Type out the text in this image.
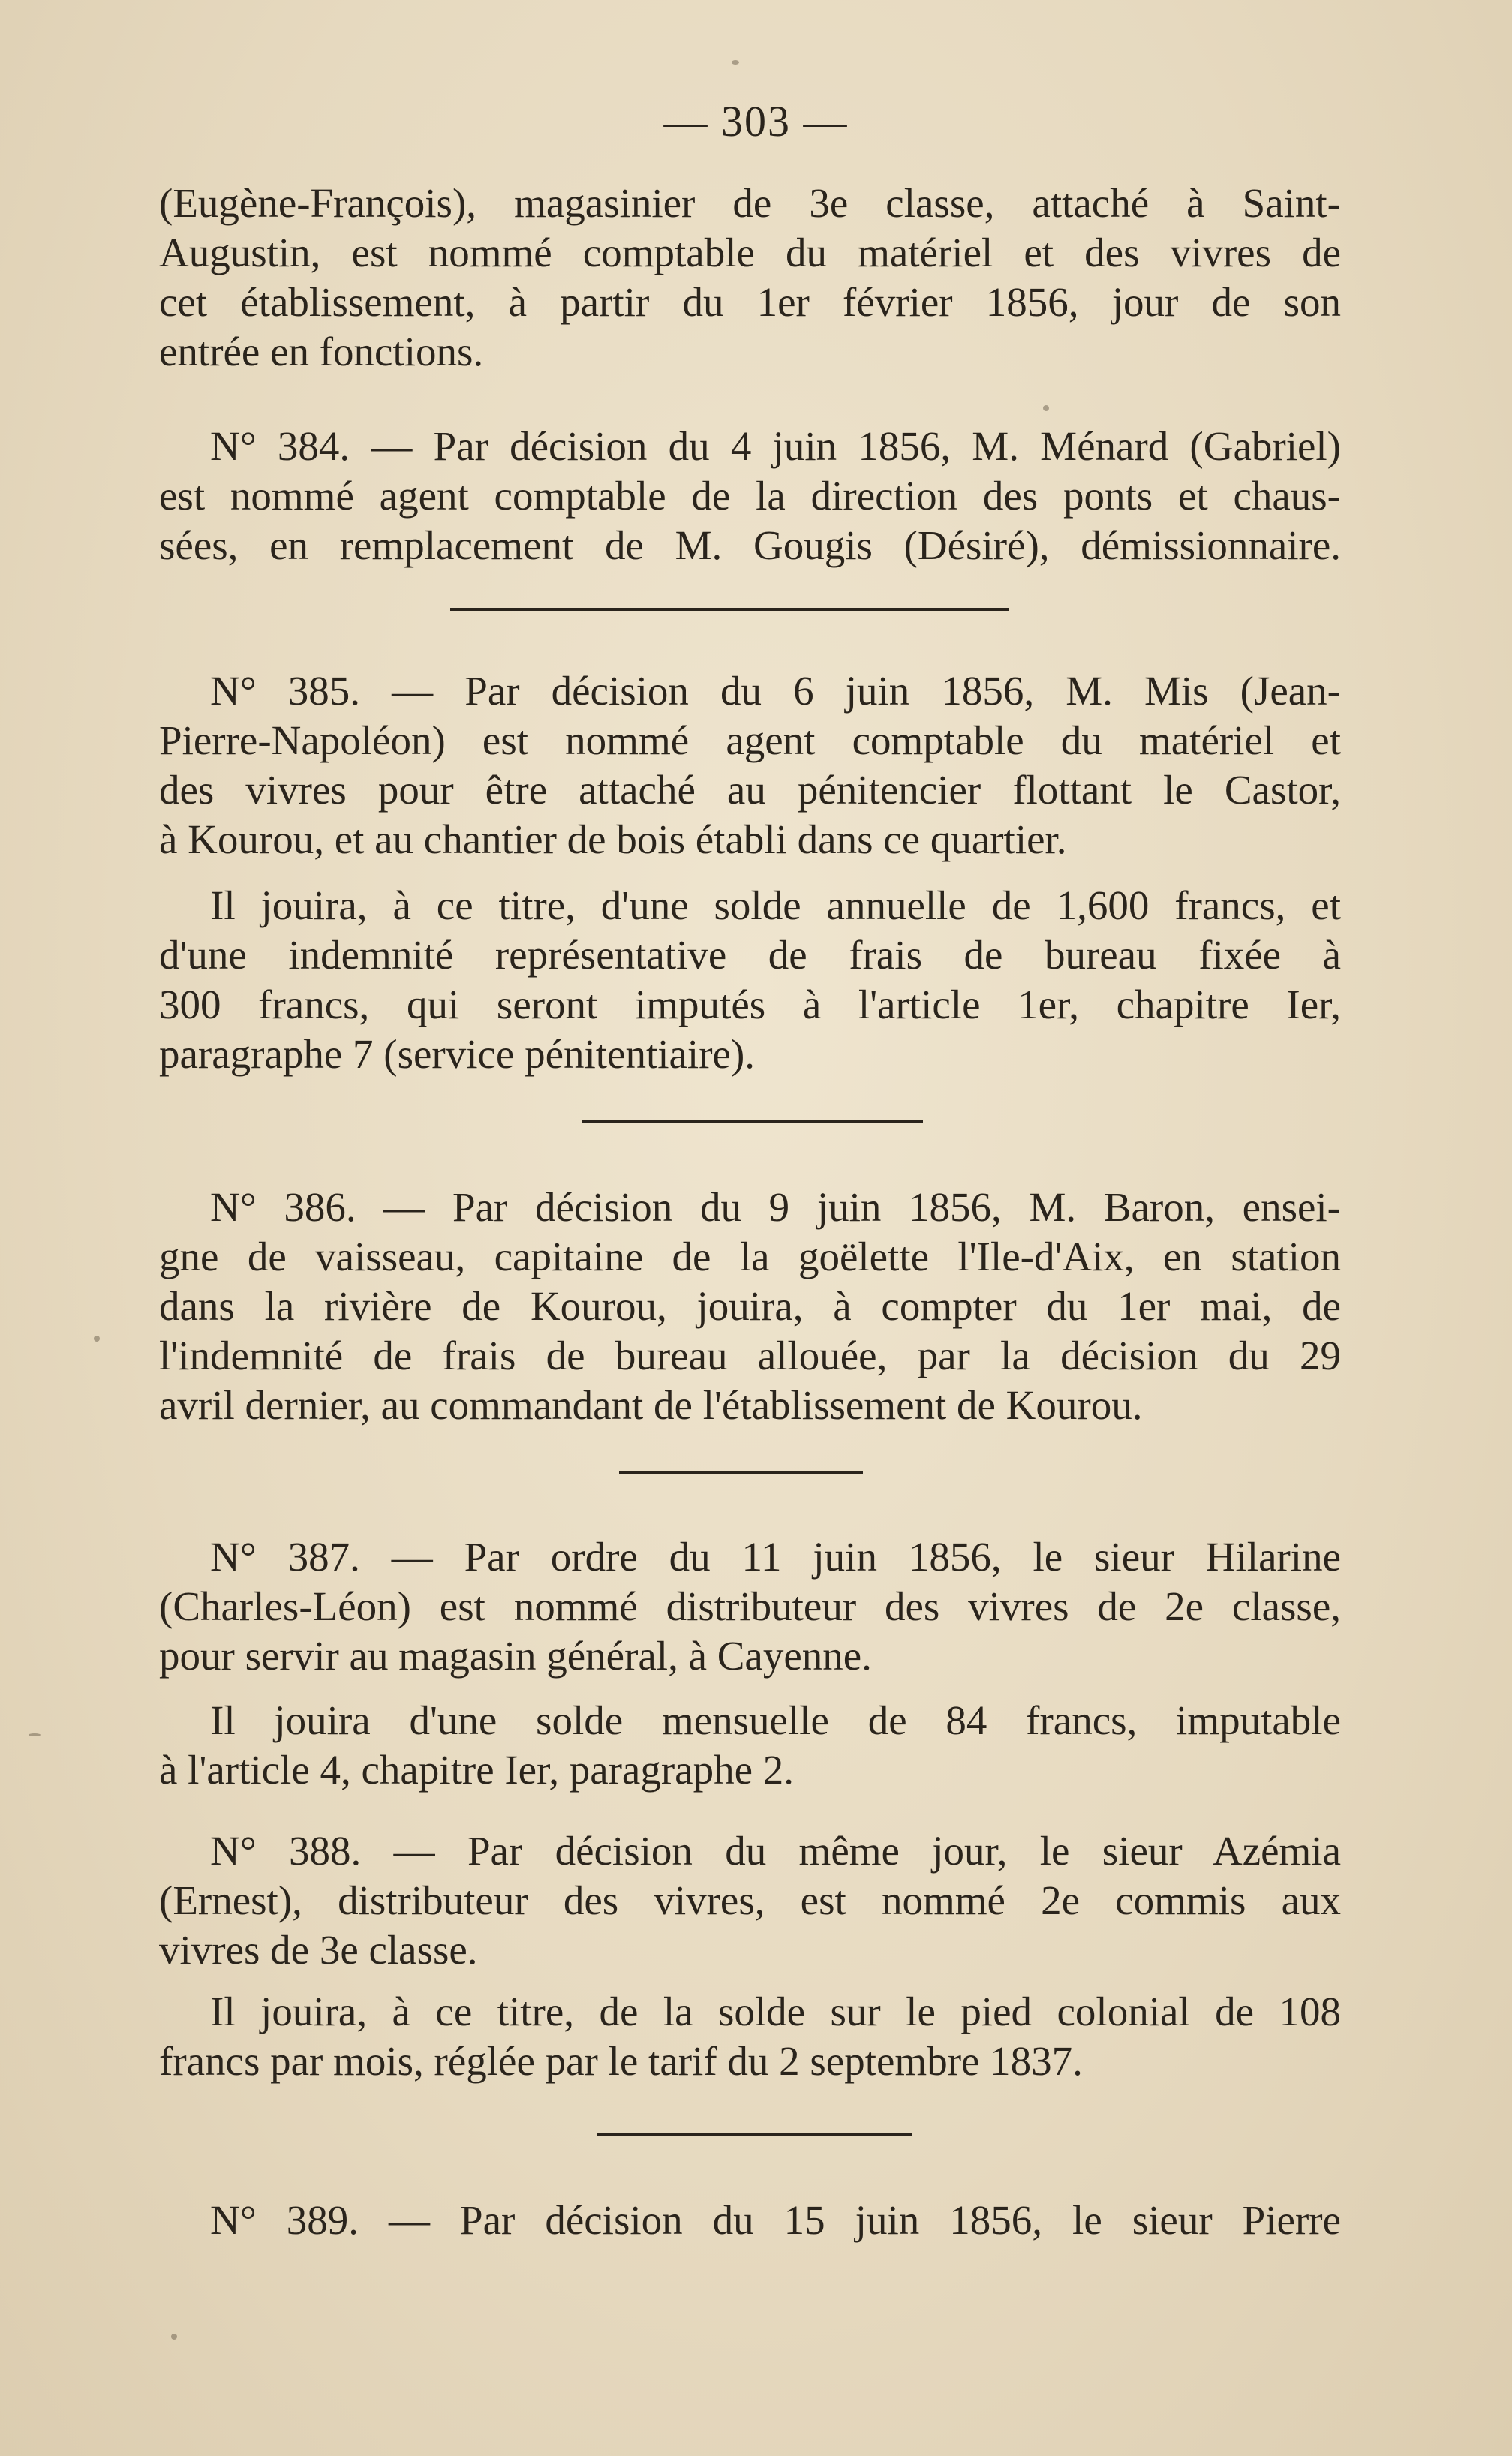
— 303 —
(Eugène-François), magasinier de 3e classe, attaché à Saint-
Augustin, est nommé comptable du matériel et des vivres de
cet établissement, à partir du 1er février 1856, jour de son
entrée en fonctions.
N° 384. — Par décision du 4 juin 1856, M. Ménard (Gabriel)
est nommé agent comptable de la direction des ponts et chaus-
sées, en remplacement de M. Gougis (Désiré), démissionnaire.
N° 385. — Par décision du 6 juin 1856, M. Mis (Jean-
Pierre-Napoléon) est nommé agent comptable du matériel et
des vivres pour être attaché au pénitencier flottant le Castor,
à Kourou, et au chantier de bois établi dans ce quartier.
Il jouira, à ce titre, d'une solde annuelle de 1,600 francs, et
d'une indemnité représentative de frais de bureau fixée à
300 francs, qui seront imputés à l'article 1er, chapitre Ier,
paragraphe 7 (service pénitentiaire).
N° 386. — Par décision du 9 juin 1856, M. Baron, ensei-
gne de vaisseau, capitaine de la goëlette l'Ile-d'Aix, en station
dans la rivière de Kourou, jouira, à compter du 1er mai, de
l'indemnité de frais de bureau allouée, par la décision du 29
avril dernier, au commandant de l'établissement de Kourou.
N° 387. — Par ordre du 11 juin 1856, le sieur Hilarine
(Charles-Léon) est nommé distributeur des vivres de 2e classe,
pour servir au magasin général, à Cayenne.
Il jouira d'une solde mensuelle de 84 francs, imputable
à l'article 4, chapitre Ier, paragraphe 2.
N° 388. — Par décision du même jour, le sieur Azémia
(Ernest), distributeur des vivres, est nommé 2e commis aux
vivres de 3e classe.
Il jouira, à ce titre, de la solde sur le pied colonial de 108
francs par mois, réglée par le tarif du 2 septembre 1837.
N° 389. — Par décision du 15 juin 1856, le sieur Pierre
